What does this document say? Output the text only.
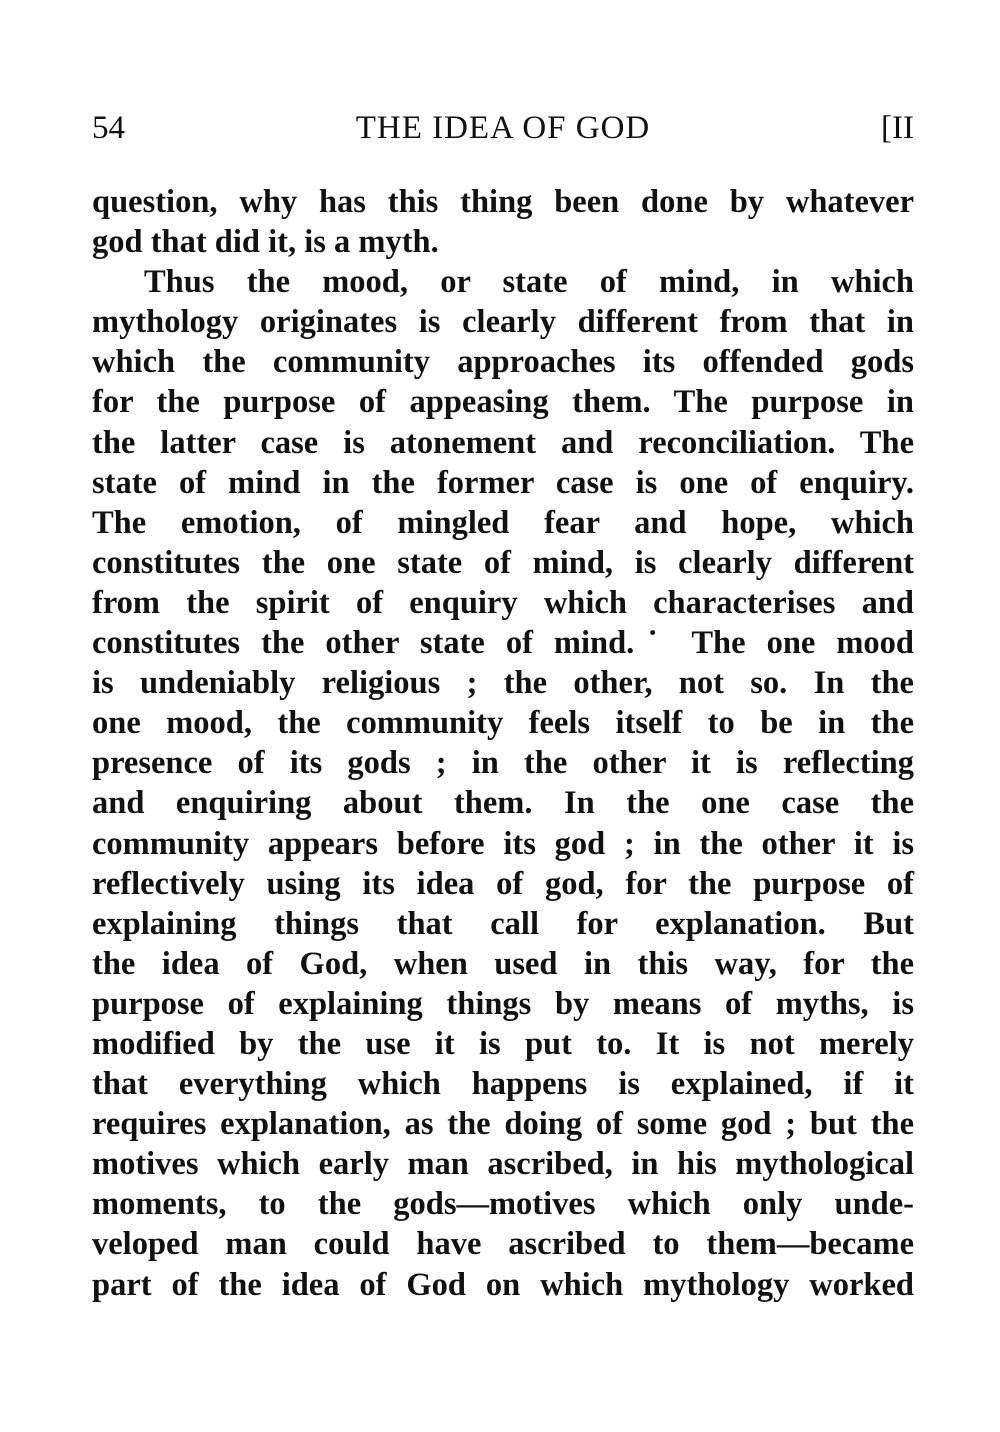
54	THE IDEA OF GOD	[II
question, why has this thing been done by whatever
god that did it, is a myth.
Thus the mood, or state of mind, in which
mythology originates is clearly different from that in
which the community approaches its offended gods
for the purpose of appeasing them. The purpose in
the latter case is atonement and reconciliation. The
state of mind in the former case is one of enquiry.
The emotion, of mingled fear and hope, which
constitutes the one state of mind, is clearly different
from the spirit of enquiry which characterises and
constitutes the other state of mind.˙ The one mood
is undeniably religious ; the other, not so. In the
one mood, the community feels itself to be in the
presence of its gods ; in the other it is reflecting
and enquiring about them. In the one case the
community appears before its god ; in the other it is
reflectively using its idea of god, for the purpose of
explaining things that call for explanation. But
the idea of God, when used in this way, for the
purpose of explaining things by means of myths, is
modified by the use it is put to. It is not merely
that everything which happens is explained, if it
requires explanation, as the doing of some god ; but the
motives which early man ascribed, in his mythological
moments, to the gods—motives which only unde-
veloped man could have ascribed to them—became
part of the idea of God on which mythology worked
